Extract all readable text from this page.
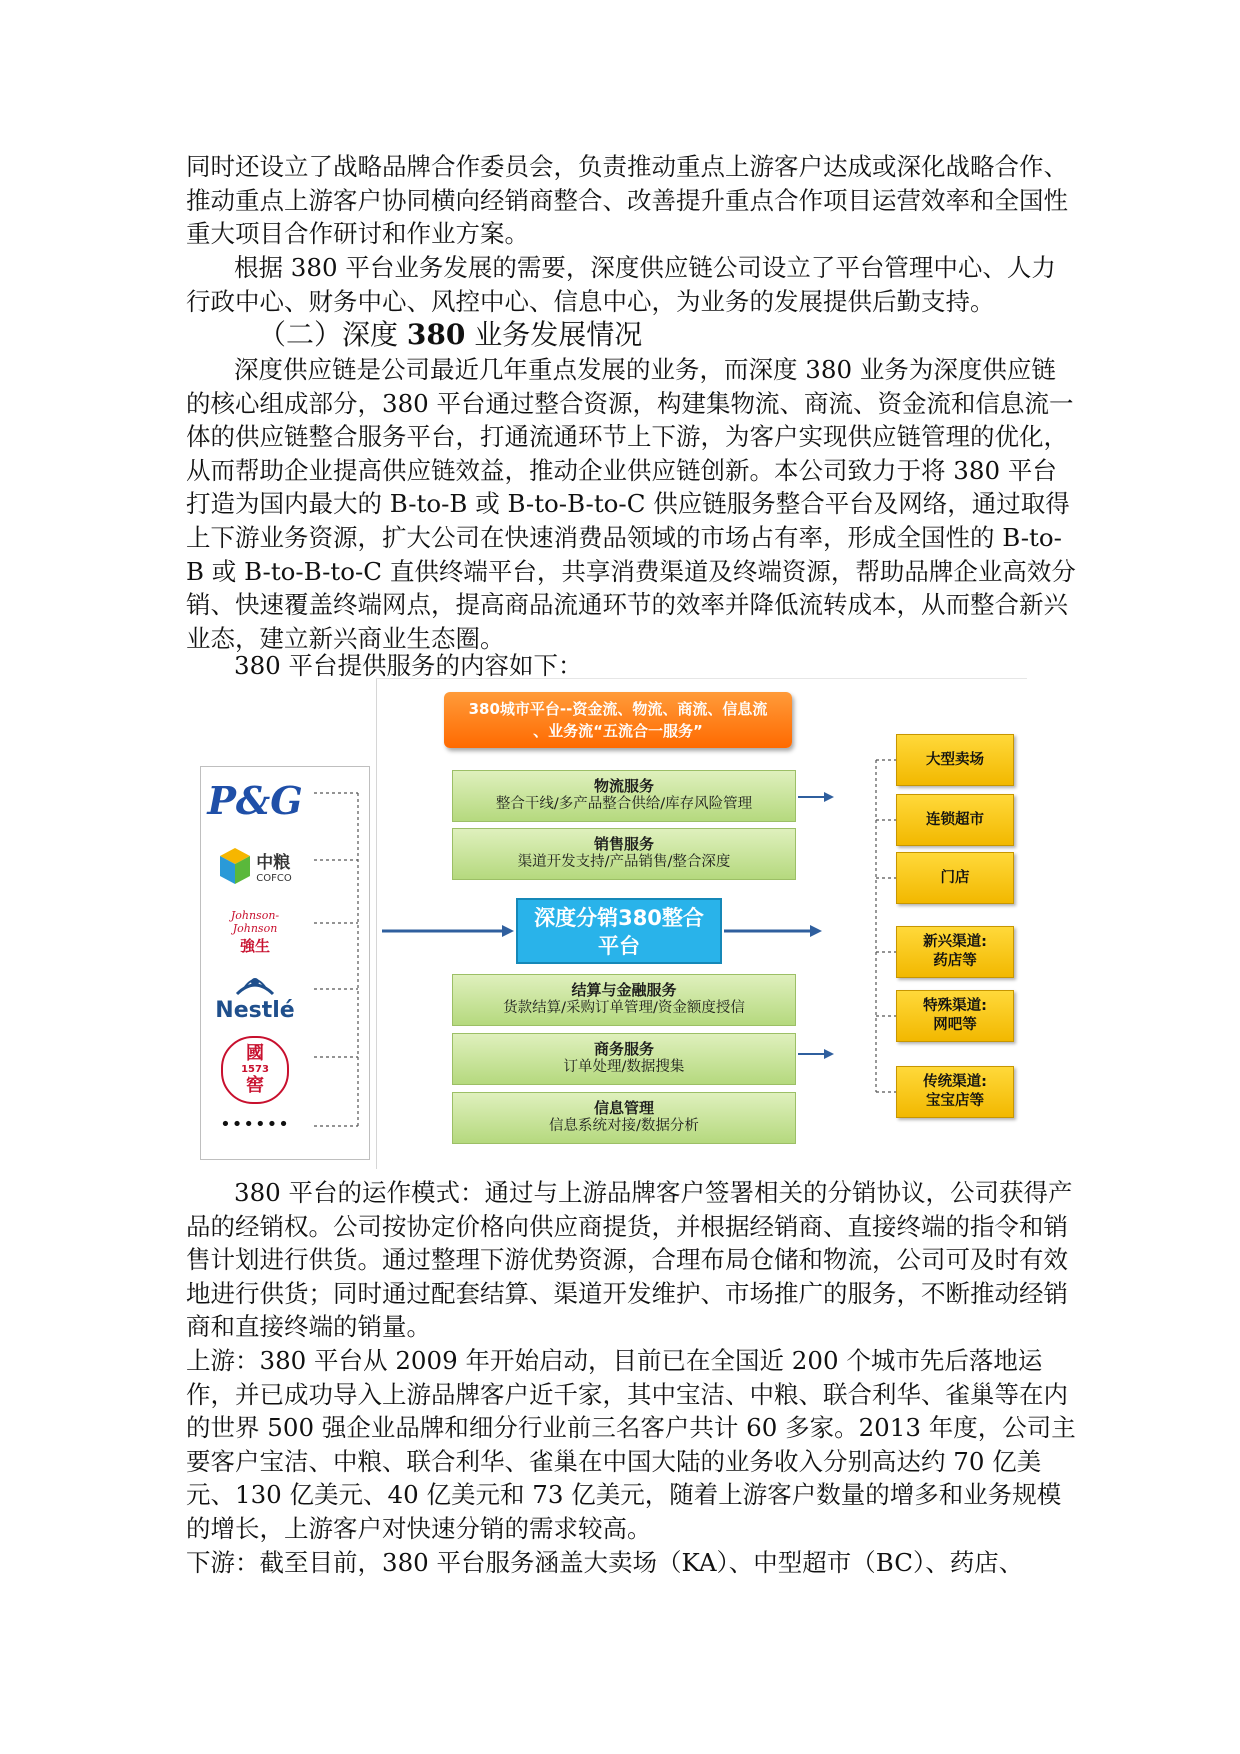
同时还设立了战略品牌合作委员会，负责推动重点上游客户达成或深化战略合作、推动重点上游客户协同横向经销商整合、改善提升重点合作项目运营效率和全国性重大项目合作研讨和作业方案。

根据 380 平台业务发展的需要，深度供应链公司设立了平台管理中心、人力行政中心、财务中心、风控中心、信息中心，为业务的发展提供后勤支持。

（二）深度 380 业务发展情况

深度供应链是公司最近几年重点发展的业务，而深度 380 业务为深度供应链的核心组成部分，380 平台通过整合资源，构建集物流、商流、资金流和信息流一体的供应链整合服务平台，打通流通环节上下游，为客户实现供应链管理的优化，从而帮助企业提高供应链效益，推动企业供应链创新。本公司致力于将 380 平台打造为国内最大的 B-to-B 或 B-to-B-to-C 供应链服务整合平台及网络，通过取得上下游业务资源，扩大公司在快速消费品领域的市场占有率，形成全国性的 B-to-B 或 B-to-B-to-C 直供终端平台，共享消费渠道及终端资源，帮助品牌企业高效分销、快速覆盖终端网点，提高商品流通环节的效率并降低流转成本，从而整合新兴业态，建立新兴商业生态圈。

380 平台提供服务的内容如下：

P&G
中粮
COFCO
Johnson-Johnson
強生
Nestlé
國
1573
窖
••••••
380城市平台--资金流、物流、商流、信息流
、业务流“五流合一服务”
物流服务
整合干线/多产品整合供给/库存风险管理
销售服务
渠道开发支持/产品销售/整合深度
深度分销380整合
平台
结算与金融服务
货款结算/采购订单管理/资金额度授信
商务服务
订单处理/数据搜集
信息管理
信息系统对接/数据分析
大型卖场
连锁超市
门店
新兴渠道:
药店等
特殊渠道:
网吧等
传统渠道:
宝宝店等

380 平台的运作模式：通过与上游品牌客户签署相关的分销协议，公司获得产品的经销权。公司按协定价格向供应商提货，并根据经销商、直接终端的指令和销售计划进行供货。通过整理下游优势资源，合理布局仓储和物流，公司可及时有效地进行供货；同时通过配套结算、渠道开发维护、市场推广的服务，不断推动经销商和直接终端的销量。

上游：380 平台从 2009 年开始启动，目前已在全国近 200 个城市先后落地运作，并已成功导入上游品牌客户近千家，其中宝洁、中粮、联合利华、雀巢等在内的世界 500 强企业品牌和细分行业前三名客户共计 60 多家。2013 年度，公司主要客户宝洁、中粮、联合利华、雀巢在中国大陆的业务收入分别高达约 70 亿美元、130 亿美元、40 亿美元和 73 亿美元，随着上游客户数量的增多和业务规模的增长，上游客户对快速分销的需求较高。

下游：截至目前，380 平台服务涵盖大卖场（KA）、中型超市（BC）、药店、
